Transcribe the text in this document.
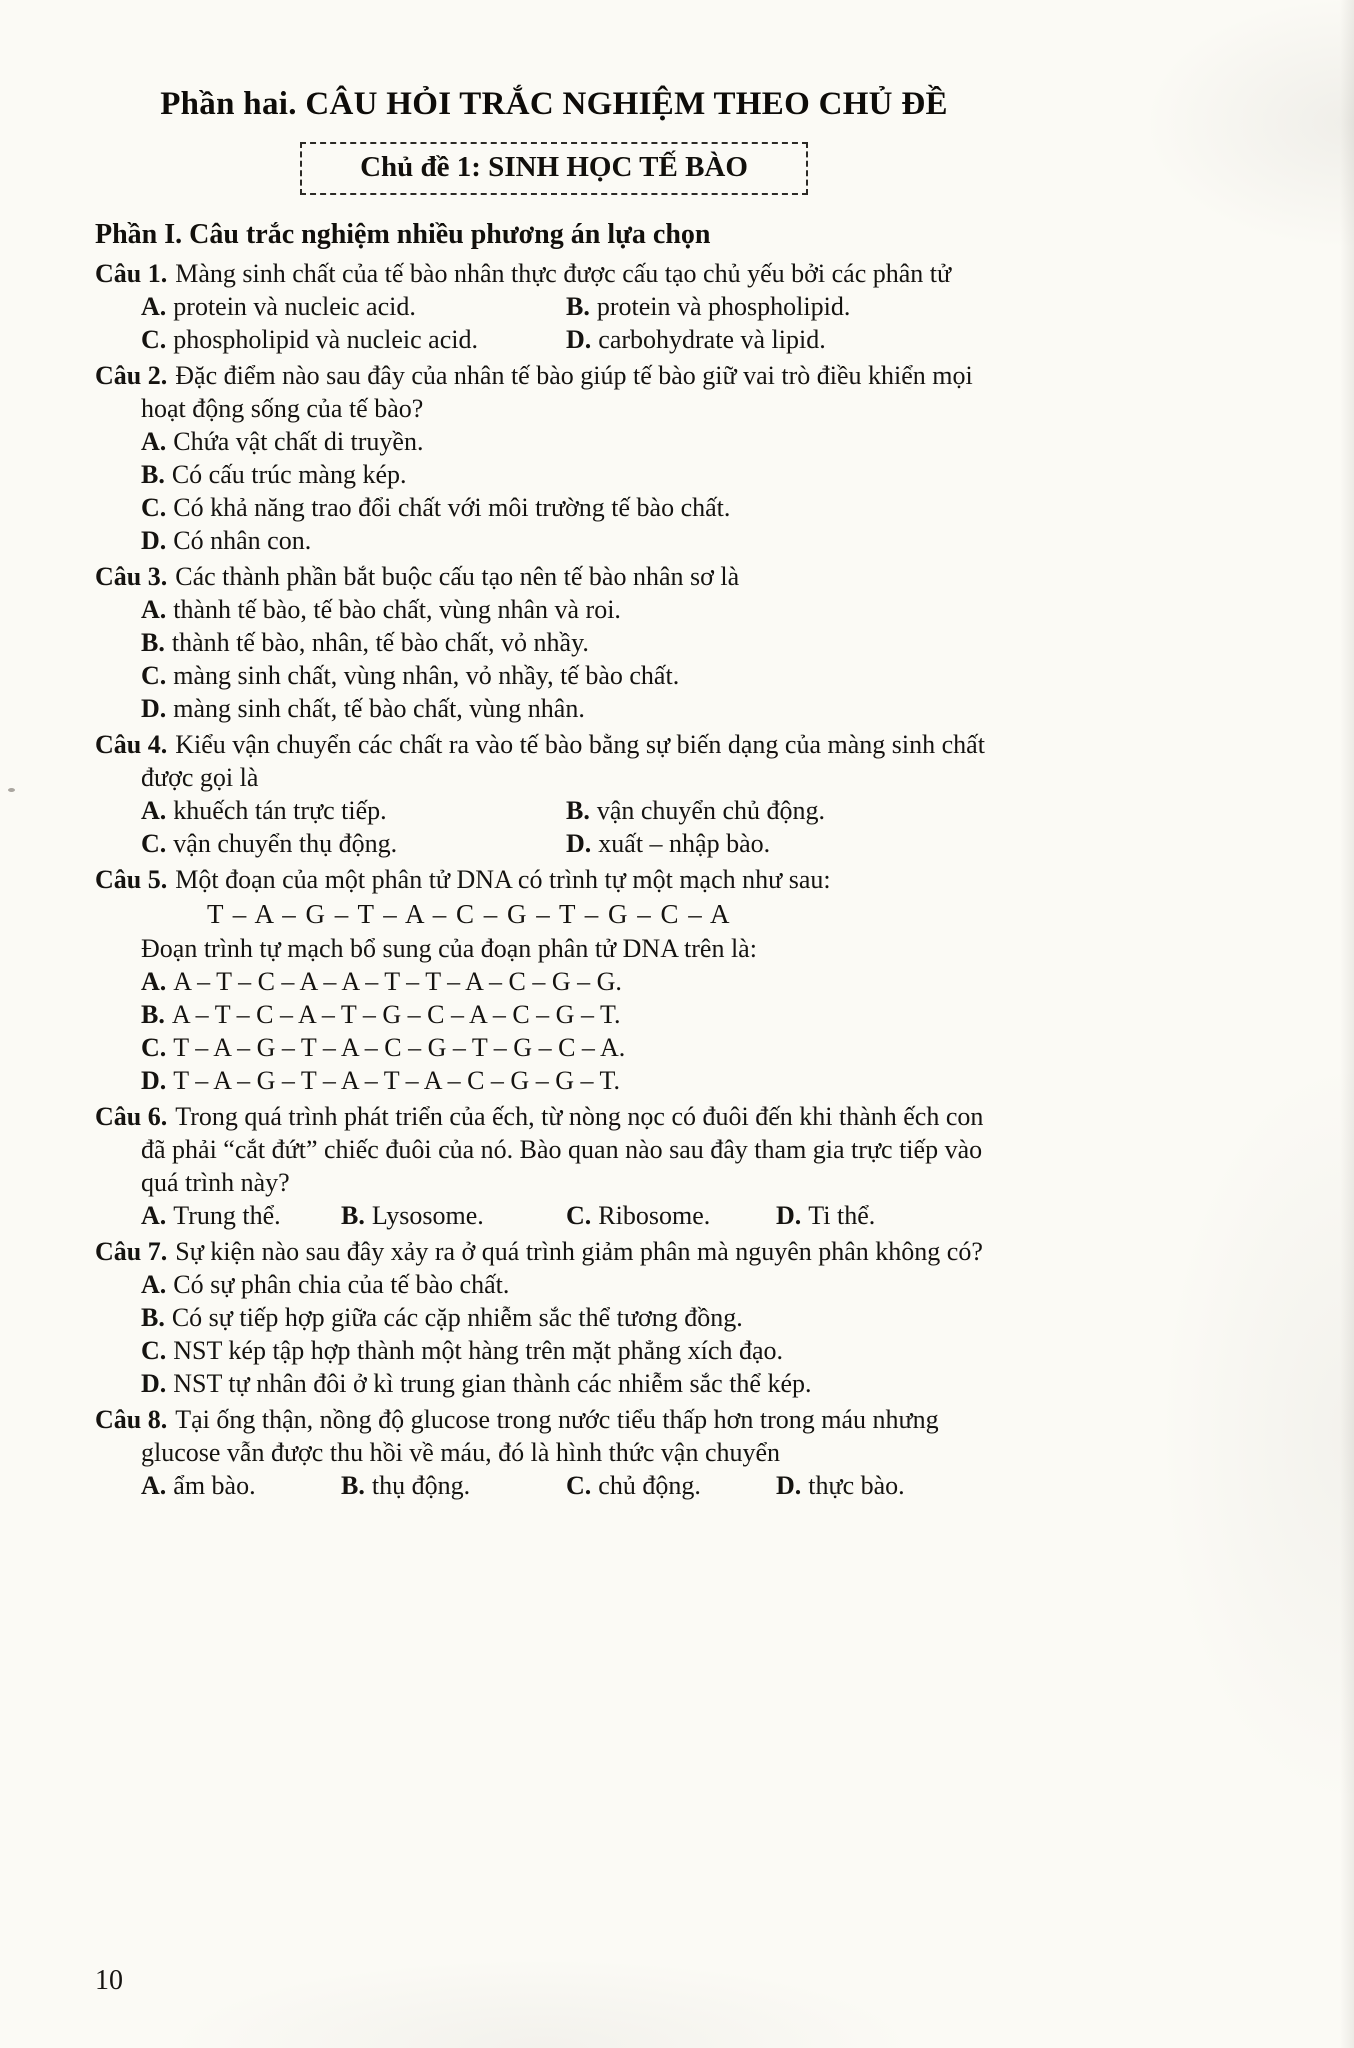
Phần hai. CÂU HỎI TRẮC NGHIỆM THEO CHỦ ĐỀ
Chủ đề 1: SINH HỌC TẾ BÀO
Phần I. Câu trắc nghiệm nhiều phương án lựa chọn

Câu 1. Màng sinh chất của tế bào nhân thực được cấu tạo chủ yếu bởi các phân tử

A. protein và nucleic acid.	B. protein và phospholipid.
C. phospholipid và nucleic acid.	D. carbohydrate và lipid.

Câu 2. Đặc điểm nào sau đây của nhân tế bào giúp tế bào giữ vai trò điều khiển mọi hoạt động sống của tế bào?

A. Chứa vật chất di truyền.
B. Có cấu trúc màng kép.
C. Có khả năng trao đổi chất với môi trường tế bào chất.
D. Có nhân con.

Câu 3. Các thành phần bắt buộc cấu tạo nên tế bào nhân sơ là

A. thành tế bào, tế bào chất, vùng nhân và roi.
B. thành tế bào, nhân, tế bào chất, vỏ nhầy.
C. màng sinh chất, vùng nhân, vỏ nhầy, tế bào chất.
D. màng sinh chất, tế bào chất, vùng nhân.

Câu 4. Kiểu vận chuyển các chất ra vào tế bào bằng sự biến dạng của màng sinh chất được gọi là

A. khuếch tán trực tiếp.	B. vận chuyển chủ động.
C. vận chuyển thụ động.	D. xuất – nhập bào.

Câu 5. Một đoạn của một phân tử DNA có trình tự một mạch như sau:

T – A – G – T – A – C – G – T – G – C – A
Đoạn trình tự mạch bổ sung của đoạn phân tử DNA trên là:
A. A – T – C – A – A – T – T – A – C – G – G.
B. A – T – C – A – T – G – C – A – C – G – T.
C. T – A – G – T – A – C – G – T – G – C – A.
D. T – A – G – T – A – T – A – C – G – G – T.

Câu 6. Trong quá trình phát triển của ếch, từ nòng nọc có đuôi đến khi thành ếch con đã phải “cắt đứt” chiếc đuôi của nó. Bào quan nào sau đây tham gia trực tiếp vào quá trình này?

A. Trung thể.	B. Lysosome.	C. Ribosome.	D. Ti thể.

Câu 7. Sự kiện nào sau đây xảy ra ở quá trình giảm phân mà nguyên phân không có?

A. Có sự phân chia của tế bào chất.
B. Có sự tiếp hợp giữa các cặp nhiễm sắc thể tương đồng.
C. NST kép tập hợp thành một hàng trên mặt phẳng xích đạo.
D. NST tự nhân đôi ở kì trung gian thành các nhiễm sắc thể kép.

Câu 8. Tại ống thận, nồng độ glucose trong nước tiểu thấp hơn trong máu nhưng glucose vẫn được thu hồi về máu, đó là hình thức vận chuyển

A. ẩm bào.	B. thụ động.	C. chủ động.	D. thực bào.
10
